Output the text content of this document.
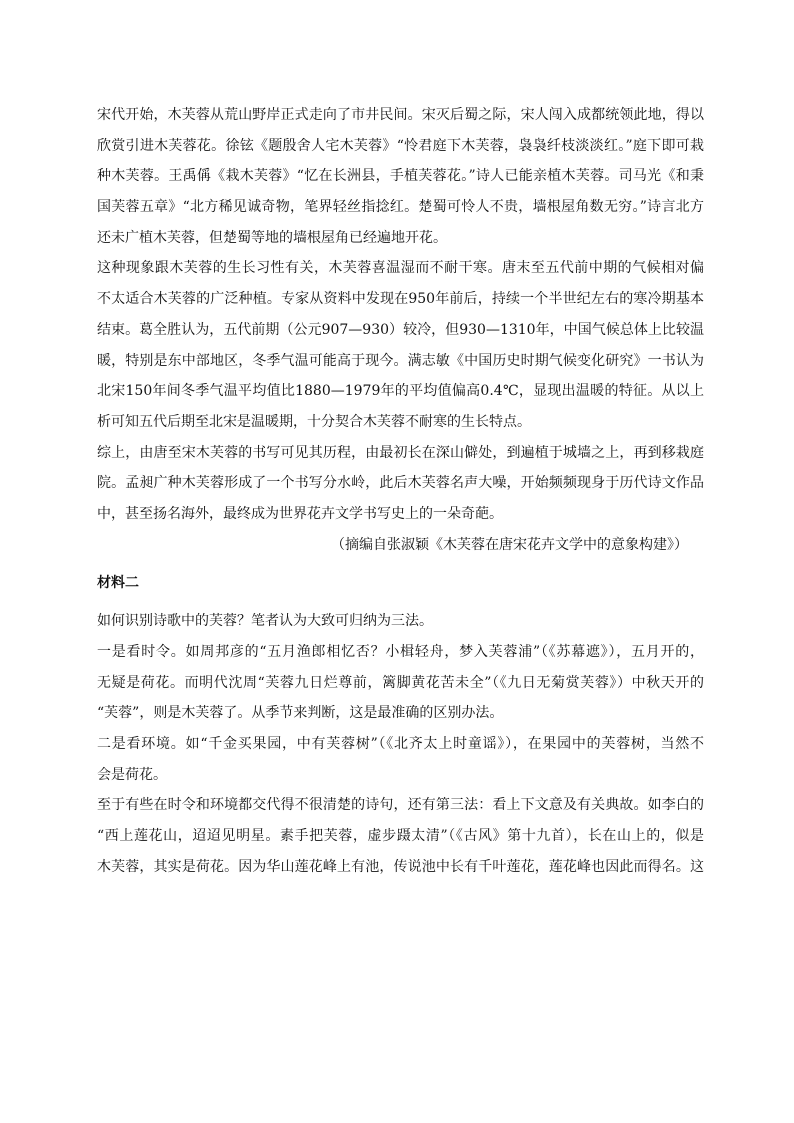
宋代开始，木芙蓉从荒山野岸正式走向了市井民间。宋灭后蜀之际，宋人闯入成都统领此地，得以
欣赏引进木芙蓉花。徐铉《题殷舍人宅木芙蓉》“怜君庭下木芙蓉，袅袅纤枝淡淡红。”庭下即可栽
种木芙蓉。王禹偁《栽木芙蓉》“忆在长洲县，手植芙蓉花。”诗人已能亲植木芙蓉。司马光《和秉
国芙蓉五章》“北方稀见诚奇物，笔界轻丝指捻红。楚蜀可怜人不贵，墙根屋角数无穷。”诗言北方
还未广植木芙蓉，但楚蜀等地的墙根屋角已经遍地开花。
这种现象跟木芙蓉的生长习性有关，木芙蓉喜温湿而不耐干寒。唐末至五代前中期的气候相对偏
不太适合木芙蓉的广泛种植。专家从资料中发现在950年前后，持续一个半世纪左右的寒冷期基本
结束。葛全胜认为，五代前期（公元907—930）较冷，但930—1310年，中国气候总体上比较温
暖，特别是东中部地区，冬季气温可能高于现今。满志敏《中国历史时期气候变化研究》一书认为
北宋150年间冬季气温平均值比1880—1979年的平均值偏高0.4℃，显现出温暖的特征。从以上
析可知五代后期至北宋是温暖期，十分契合木芙蓉不耐寒的生长特点。
综上，由唐至宋木芙蓉的书写可见其历程，由最初长在深山僻处，到遍植于城墙之上，再到移栽庭
院。孟昶广种木芙蓉形成了一个书写分水岭，此后木芙蓉名声大噪，开始频频现身于历代诗文作品
中，甚至扬名海外，最终成为世界花卉文学书写史上的一朵奇葩。
（摘编自张淑颖《木芙蓉在唐宋花卉文学中的意象构建》）
材料二
如何识别诗歌中的芙蓉？笔者认为大致可归纳为三法。
一是看时令。如周邦彦的“五月渔郎相忆否？小楫轻舟，梦入芙蓉浦”（《苏幕遮》），五月开的，
无疑是荷花。而明代沈周“芙蓉九日烂尊前，篱脚黄花苦未全”（《九日无菊赏芙蓉》）中秋天开的
“芙蓉”，则是木芙蓉了。从季节来判断，这是最准确的区别办法。
二是看环境。如“千金买果园，中有芙蓉树”（《北齐太上时童谣》），在果园中的芙蓉树，当然不
会是荷花。
至于有些在时令和环境都交代得不很清楚的诗句，还有第三法：看上下文意及有关典故。如李白的
“西上莲花山，迢迢见明星。素手把芙蓉，虚步蹑太清”（《古风》第十九首），长在山上的，似是
木芙蓉，其实是荷花。因为华山莲花峰上有池，传说池中长有千叶莲花，莲花峰也因此而得名。这
